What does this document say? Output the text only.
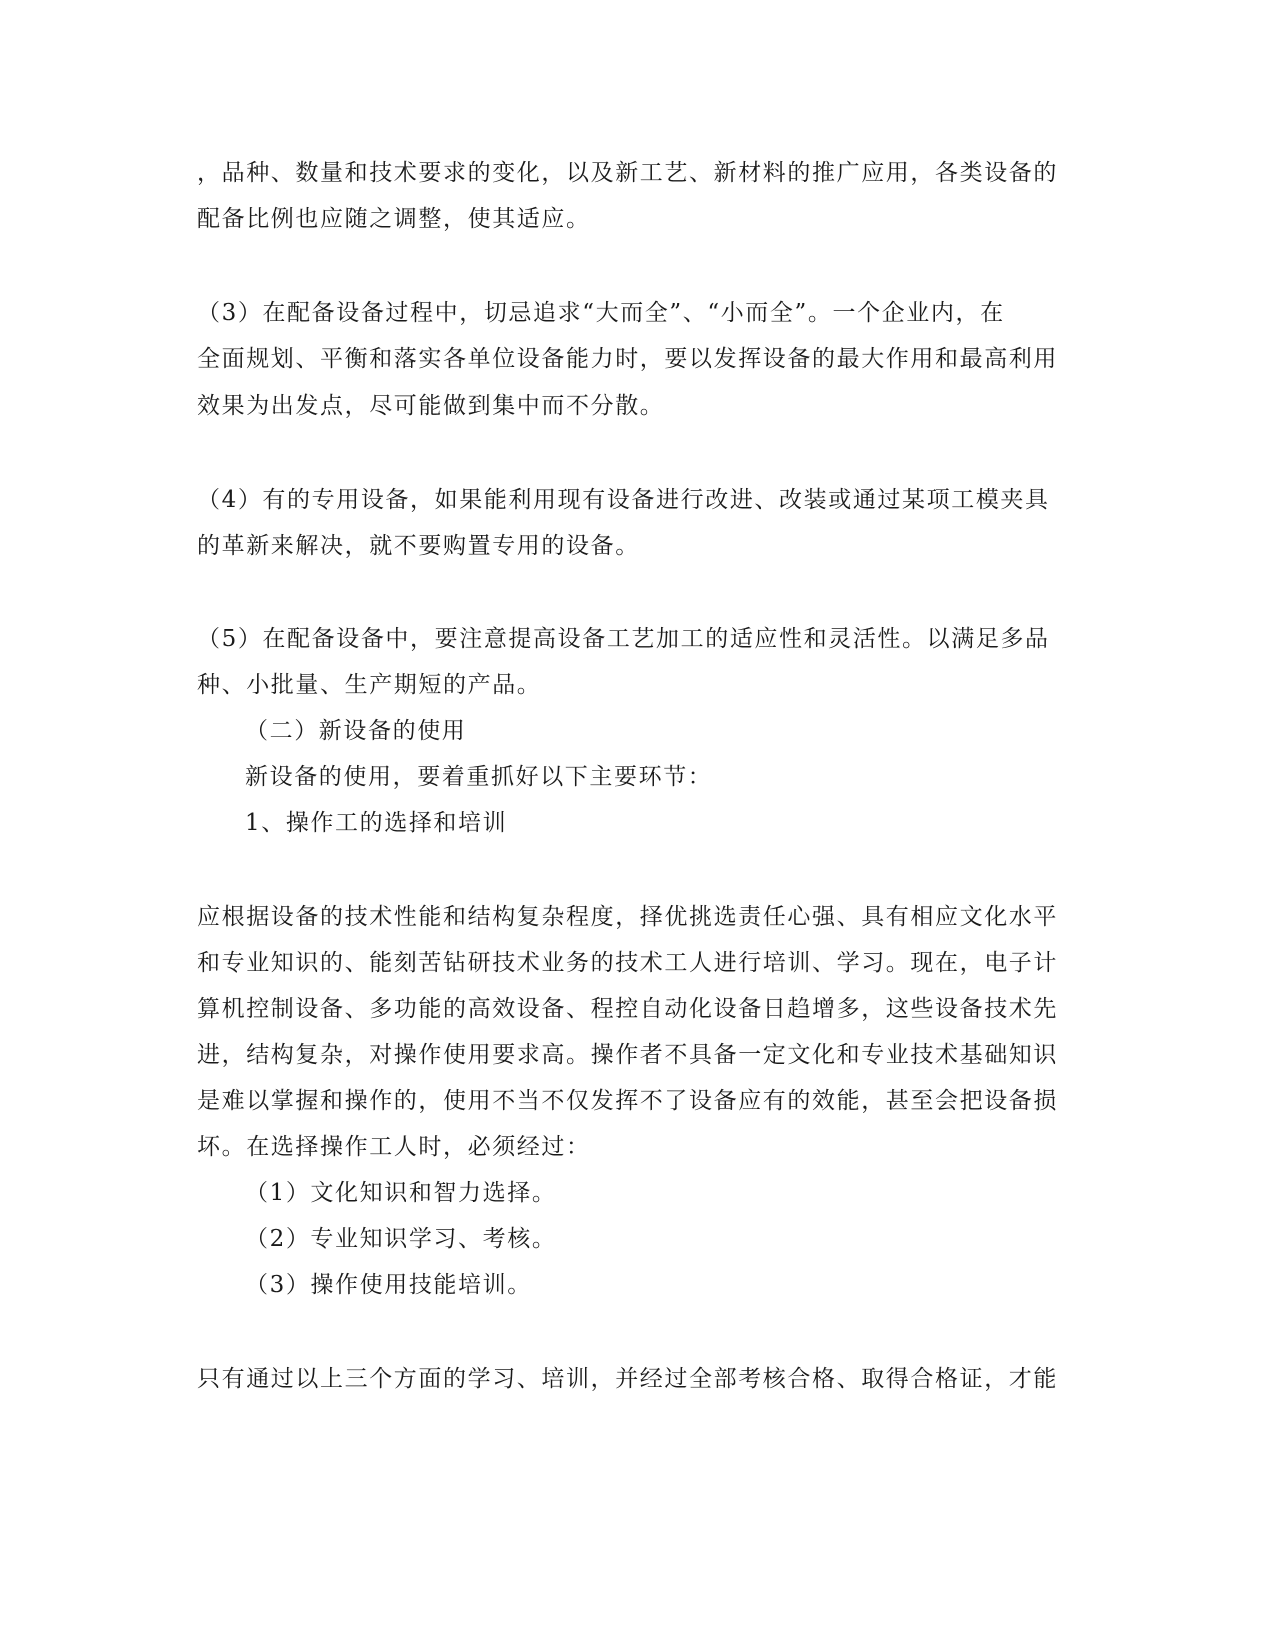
，品种、数量和技术要求的变化，以及新工艺、新材料的推广应用，各类设备的
配备比例也应随之调整，使其适应。
（3）在配备设备过程中，切忌追求“大而全”、“小而全”。一个企业内，在
全面规划、平衡和落实各单位设备能力时，要以发挥设备的最大作用和最高利用
效果为出发点，尽可能做到集中而不分散。
（4）有的专用设备，如果能利用现有设备进行改进、改装或通过某项工模夹具
的革新来解决，就不要购置专用的设备。
（5）在配备设备中，要注意提高设备工艺加工的适应性和灵活性。以满足多品
种、小批量、生产期短的产品。
（二）新设备的使用
新设备的使用，要着重抓好以下主要环节：
1、操作工的选择和培训
应根据设备的技术性能和结构复杂程度，择优挑选责任心强、具有相应文化水平
和专业知识的、能刻苦钻研技术业务的技术工人进行培训、学习。现在，电子计
算机控制设备、多功能的高效设备、程控自动化设备日趋增多，这些设备技术先
进，结构复杂，对操作使用要求高。操作者不具备一定文化和专业技术基础知识
是难以掌握和操作的，使用不当不仅发挥不了设备应有的效能，甚至会把设备损
坏。在选择操作工人时，必须经过：
（1）文化知识和智力选择。
（2）专业知识学习、考核。
（3）操作使用技能培训。
只有通过以上三个方面的学习、培训，并经过全部考核合格、取得合格证，才能
